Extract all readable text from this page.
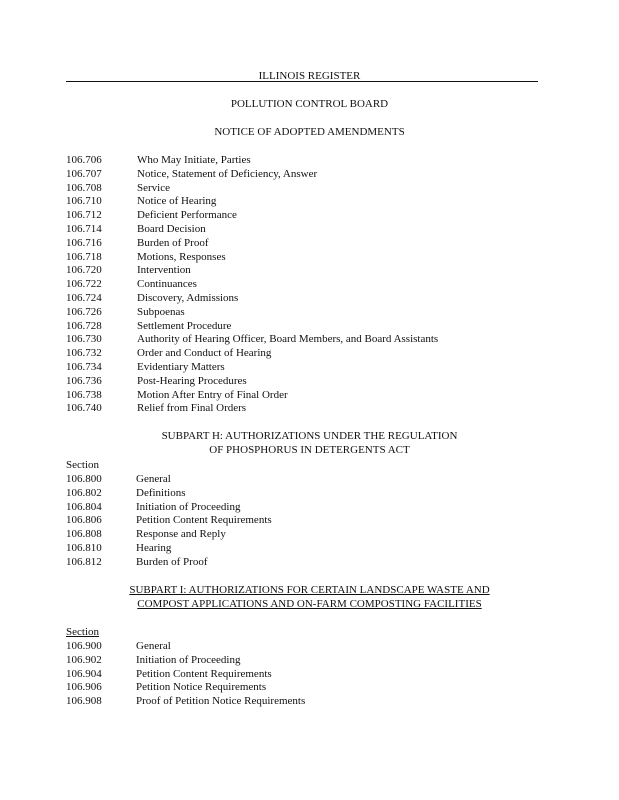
ILLINOIS REGISTER
POLLUTION CONTROL BOARD
NOTICE OF ADOPTED AMENDMENTS
106.706	Who May Initiate, Parties
106.707	Notice, Statement of Deficiency, Answer
106.708	Service
106.710	Notice of Hearing
106.712	Deficient Performance
106.714	Board Decision
106.716	Burden of Proof
106.718	Motions, Responses
106.720	Intervention
106.722	Continuances
106.724	Discovery, Admissions
106.726	Subpoenas
106.728	Settlement Procedure
106.730	Authority of Hearing Officer, Board Members, and Board Assistants
106.732	Order and Conduct of Hearing
106.734	Evidentiary Matters
106.736	Post-Hearing Procedures
106.738	Motion After Entry of Final Order
106.740	Relief from Final Orders
SUBPART H: AUTHORIZATIONS UNDER THE REGULATION
OF PHOSPHORUS IN DETERGENTS ACT
Section
106.800	General
106.802	Definitions
106.804	Initiation of Proceeding
106.806	Petition Content Requirements
106.808	Response and Reply
106.810	Hearing
106.812	Burden of Proof
SUBPART I: AUTHORIZATIONS FOR CERTAIN LANDSCAPE WASTE AND
COMPOST APPLICATIONS AND ON-FARM COMPOSTING FACILITIES
Section
106.900	General
106.902	Initiation of Proceeding
106.904	Petition Content Requirements
106.906	Petition Notice Requirements
106.908	Proof of Petition Notice Requirements
